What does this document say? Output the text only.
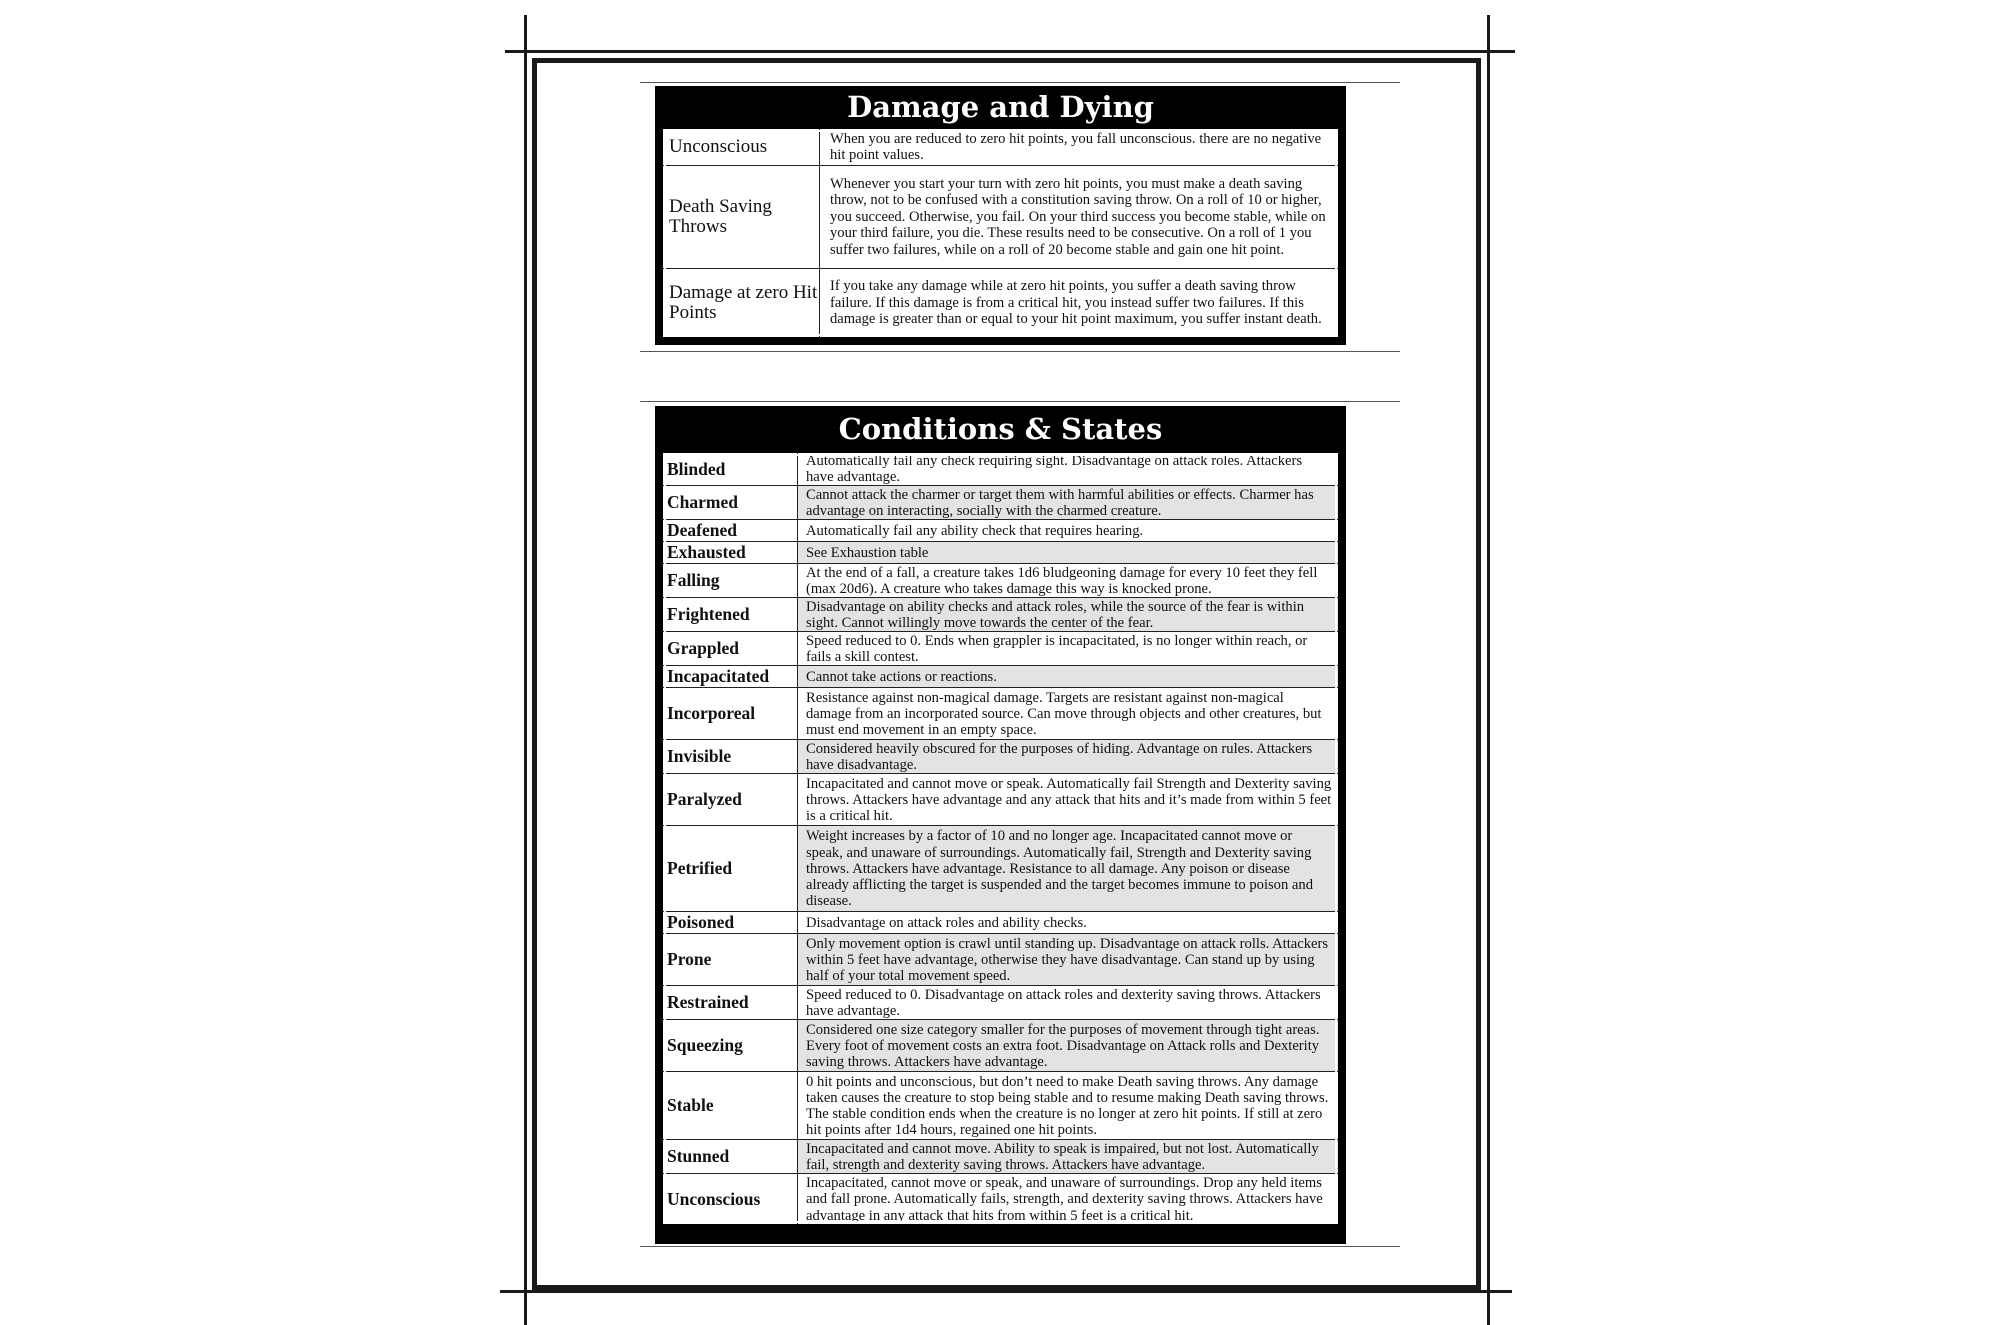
Damage and Dying
Unconscious	When you are reduced to zero hit points, you fall unconscious. there are no negative hit point values.
Death Saving Throws	Whenever you start your turn with zero hit points, you must make a death saving throw, not to be confused with a constitution saving throw. On a roll of 10 or higher, you succeed. Otherwise, you fail. On your third success you become stable, while on your third failure, you die. These results need to be consecutive. On a roll of 1 you suffer two failures, while on a roll of 20 become stable and gain one hit point.
Damage at zero Hit Points	If you take any damage while at zero hit points, you suffer a death saving throw failure. If this damage is from a critical hit, you instead suffer two failures. If this damage is greater than or equal to your hit point maximum, you suffer instant death.
Conditions & States
Blinded	Automatically fail any check requiring sight. Disadvantage on attack roles. Attackers have advantage.
Charmed	Cannot attack the charmer or target them with harmful abilities or effects. Charmer has advantage on interacting, socially with the charmed creature.
Deafened	Automatically fail any ability check that requires hearing.
Exhausted	See Exhaustion table
Falling	At the end of a fall, a creature takes 1d6 bludgeoning damage for every 10 feet they fell (max 20d6). A creature who takes damage this way is knocked prone.
Frightened	Disadvantage on ability checks and attack roles, while the source of the fear is within sight. Cannot willingly move towards the center of the fear.
Grappled	Speed reduced to 0. Ends when grappler is incapacitated, is no longer within reach, or fails a skill contest.
Incapacitated	Cannot take actions or reactions.
Incorporeal	Resistance against non-magical damage. Targets are resistant against non-magical damage from an incorporated source. Can move through objects and other creatures, but must end movement in an empty space.
Invisible	Considered heavily obscured for the purposes of hiding. Advantage on rules. Attackers have disadvantage.
Paralyzed	Incapacitated and cannot move or speak. Automatically fail Strength and Dexterity saving throws. Attackers have advantage and any attack that hits and it’s made from within 5 feet is a critical hit.
Petrified	Weight increases by a factor of 10 and no longer age. Incapacitated cannot move or speak, and unaware of surroundings. Automatically fail, Strength and Dexterity saving throws. Attackers have advantage. Resistance to all damage. Any poison or disease already afflicting the target is suspended and the target becomes immune to poison and disease.
Poisoned	Disadvantage on attack roles and ability checks.
Prone	Only movement option is crawl until standing up. Disadvantage on attack rolls. Attackers within 5 feet have advantage, otherwise they have disadvantage. Can stand up by using half of your total movement speed.
Restrained	Speed reduced to 0. Disadvantage on attack roles and dexterity saving throws. Attackers have advantage.
Squeezing	Considered one size category smaller for the purposes of movement through tight areas. Every foot of movement costs an extra foot. Disadvantage on Attack rolls and Dexterity saving throws. Attackers have advantage.
Stable	0 hit points and unconscious, but don’t need to make Death saving throws. Any damage taken causes the creature to stop being stable and to resume making Death saving throws. The stable condition ends when the creature is no longer at zero hit points. If still at zero hit points after 1d4 hours, regained one hit points.
Stunned	Incapacitated and cannot move. Ability to speak is impaired, but not lost. Automatically fail, strength and dexterity saving throws. Attackers have advantage.
Unconscious	Incapacitated, cannot move or speak, and unaware of surroundings. Drop any held items and fall prone. Automatically fails, strength, and dexterity saving throws. Attackers have advantage in any attack that hits from within 5 feet is a critical hit.
